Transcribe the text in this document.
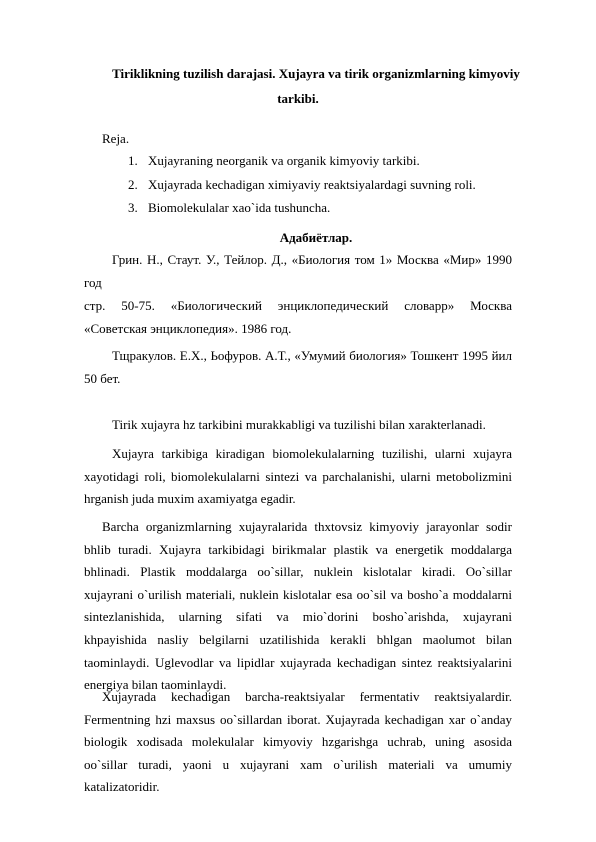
Tiriklikning tuzilish darajasi. Xujayra va tirik organizmlarning kimyoviy
tarkibi.
Reja.
1. Xujayraning neorganik va organik kimyoviy tarkibi.
2. Xujayrada kechadigan ximiyaviy reaktsiyalardagi suvning roli.
3. Biomolekulalar xao`ida tushuncha.
Адабиётлар.

Грин. Н., Стаут. У., Тейлор. Д., «Биология том 1» Москва «Мир» 1990 год

стр. 50-75. «Биологический энциклопедический словарр» Москва «Советская энциклопедия». 1986 год.

Тщракулов. Е.Х., Ьофуров. А.Т., «Умумий биология» Тошкент 1995 йил 50 бет.

Tirik xujayra hz tarkibini murakkabligi va tuzilishi bilan xarakterlanadi.

Xujayra tarkibiga kiradigan biomolekulalarning tuzilishi, ularni xujayra xayotidagi roli, biomolekulalarni sintezi va parchalanishi, ularni metobolizmini hrganish juda muxim axamiyatga egadir.

Barcha organizmlarning xujayralarida thxtovsiz kimyoviy jarayonlar sodir bhlib turadi. Xujayra tarkibidagi birikmalar plastik va energetik moddalarga bhlinadi. Plastik moddalarga oo`sillar, nuklein kislotalar kiradi. Oo`sillar xujayrani o`urilish materiali, nuklein kislotalar esa oo`sil va bosho`a moddalarni sintezlanishida, ularning sifati va mio`dorini bosho`arishda, xujayrani khpayishida nasliy belgilarni uzatilishida kerakli bhlgan maolumot bilan taominlaydi. Uglevodlar va lipidlar xujayrada kechadigan sintez reaktsiyalarini energiya bilan taominlaydi.

Xujayrada kechadigan barcha-reaktsiyalar fermentativ reaktsiyalardir. Fermentning hzi maxsus oo`sillardan iborat. Xujayrada kechadigan xar o`anday biologik xodisada molekulalar kimyoviy hzgarishga uchrab, uning asosida oo`sillar turadi, yaoni u xujayrani xam o`urilish materiali va umumiy katalizatoridir.
